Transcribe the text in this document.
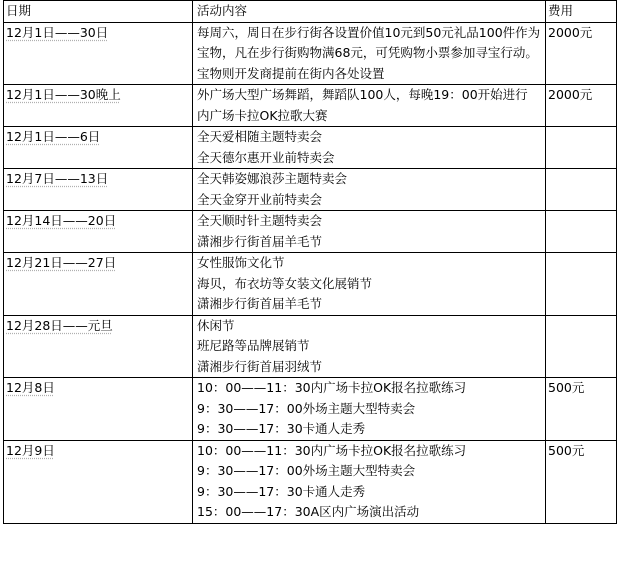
日期	活动内容	费用
12月1日——30日	每周六，周日在步行街各设置价值10元到50元礼品100件作为宝物，凡在步行街购物满68元，可凭购物小票参加寻宝行动。宝物则开发商提前在街内各处设置	2000元
12月1日——30晚上	外广场大型广场舞蹈，舞蹈队100人，每晚19：00开始进行
内广场卡拉OK拉歌大赛	2000元
12月1日——6日	全天爱相随主题特卖会
全天德尔惠开业前特卖会	

12月7日——13日	全天韩姿娜浪莎主题特卖会
全天金穿开业前特卖会	

12月14日——20日	全天顺时针主题特卖会
潇湘步行街首届羊毛节	

12月21日——27日	女性服饰文化节
海贝，布衣坊等女装文化展销节
潇湘步行街首届羊毛节	

12月28日——元旦	休闲节
班尼路等品牌展销节
潇湘步行街首届羽绒节	

12月8日	10：00——11：30内广场卡拉OK报名拉歌练习
9：30——17：00外场主题大型特卖会
9：30——17：30卡通人走秀	500元
12月9日	10：00——11：30内广场卡拉OK报名拉歌练习
9：30——17：00外场主题大型特卖会
9：30——17：30卡通人走秀
15：00——17：30A区内广场演出活动	500元
